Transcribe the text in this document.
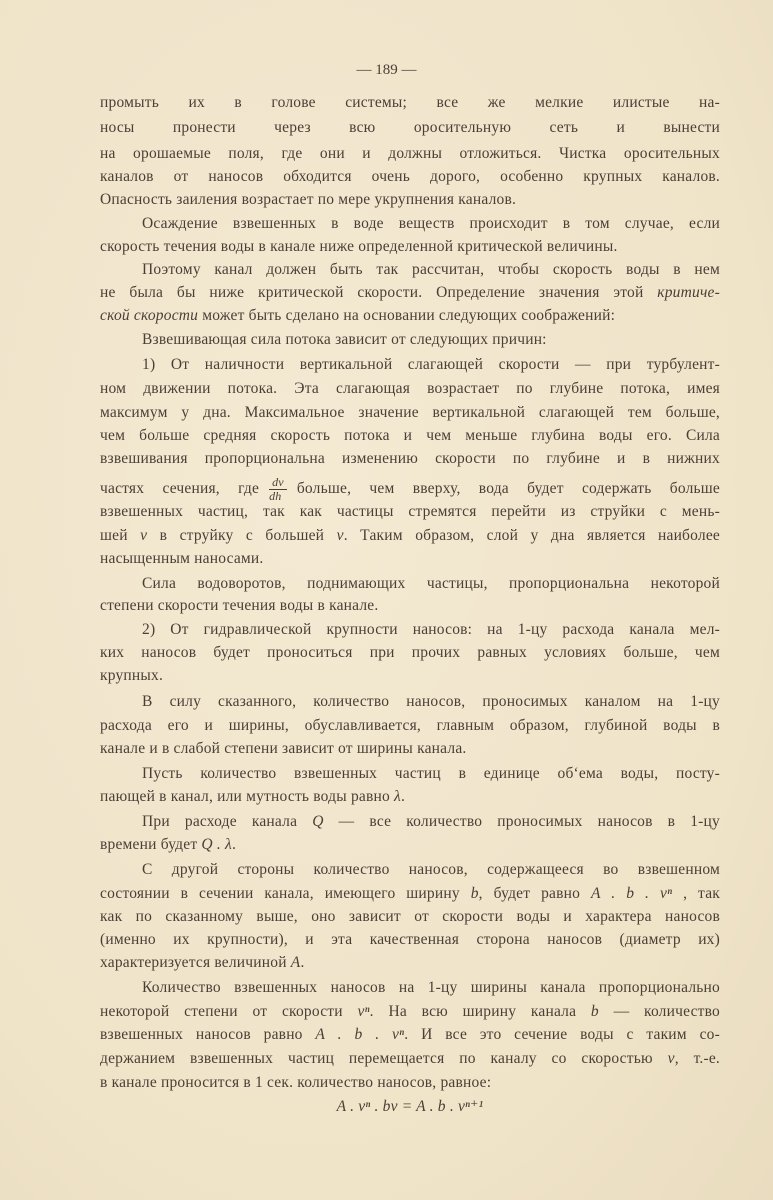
— 189 —
промыть их в голове системы; все же мелкие илистые на-
носы пронести через всю оросительную сеть и вынести
на орошаемые поля, где они и должны отложиться. Чистка оросительных
каналов от наносов обходится очень дорого, особенно крупных каналов.
Опасность заиления возрастает по мере укрупнения каналов.
Осаждение взвешенных в воде веществ происходит в том случае, если
скорость течения воды в канале ниже определенной критической величины.
Поэтому канал должен быть так рассчитан, чтобы скорость воды в нем
не была бы ниже критической скорости. Определение значения этой критиче-
ской скорости может быть сделано на основании следующих соображений:
Взвешивающая сила потока зависит от следующих причин:
1) От наличности вертикальной слагающей скорости — при турбулент-
ном движении потока. Эта слагающая возрастает по глубине потока, имея
максимум у дна. Максимальное значение вертикальной слагающей тем больше,
чем больше средняя скорость потока и чем меньше глубина воды его. Сила
взвешивания пропорциональна изменению скорости по глубине и в нижних
частях сечения, где $\frac{dv}{dh}$ больше, чем вверху, вода будет содержать больше
взвешенных частиц, так как частицы стремятся перейти из струйки с мень-
шей v в струйку с большей v. Таким образом, слой у дна является наиболее
насыщенным наносами.
Сила водоворотов, поднимающих частицы, пропорциональна некоторой
степени скорости течения воды в канале.
2) От гидравлической крупности наносов: на 1-цу расхода канала мел-
ких наносов будет проноситься при прочих равных условиях больше, чем
крупных.
В силу сказанного, количество наносов, проносимых каналом на 1-цу
расхода его и ширины, обуславливается, главным образом, глубиной воды в
канале и в слабой степени зависит от ширины канала.
Пусть количество взвешенных частиц в единице об‘ема воды, посту-
пающей в канал, или мутность воды равно λ.
При расходе канала Q — все количество проносимых наносов в 1-цу
времени будет Q . λ.
С другой стороны количество наносов, содержащееся во взвешенном
состоянии в сечении канала, имеющего ширину b, будет равно A . b . vⁿ , так
как по сказанному выше, оно зависит от скорости воды и характера наносов
(именно их крупности), и эта качественная сторона наносов (диаметр их)
характеризуется величиной A.
Количество взвешенных наносов на 1-цу ширины канала пропорционально
некоторой степени от скорости vⁿ. На всю ширину канала b — количество
взвешенных наносов равно A . b . vⁿ. И все это сечение воды с таким со-
держанием взвешенных частиц перемещается по каналу со скоростью v, т.-е.
в канале проносится в 1 сек. количество наносов, равное:
A . vⁿ . bv = A . b . vⁿ⁺¹
